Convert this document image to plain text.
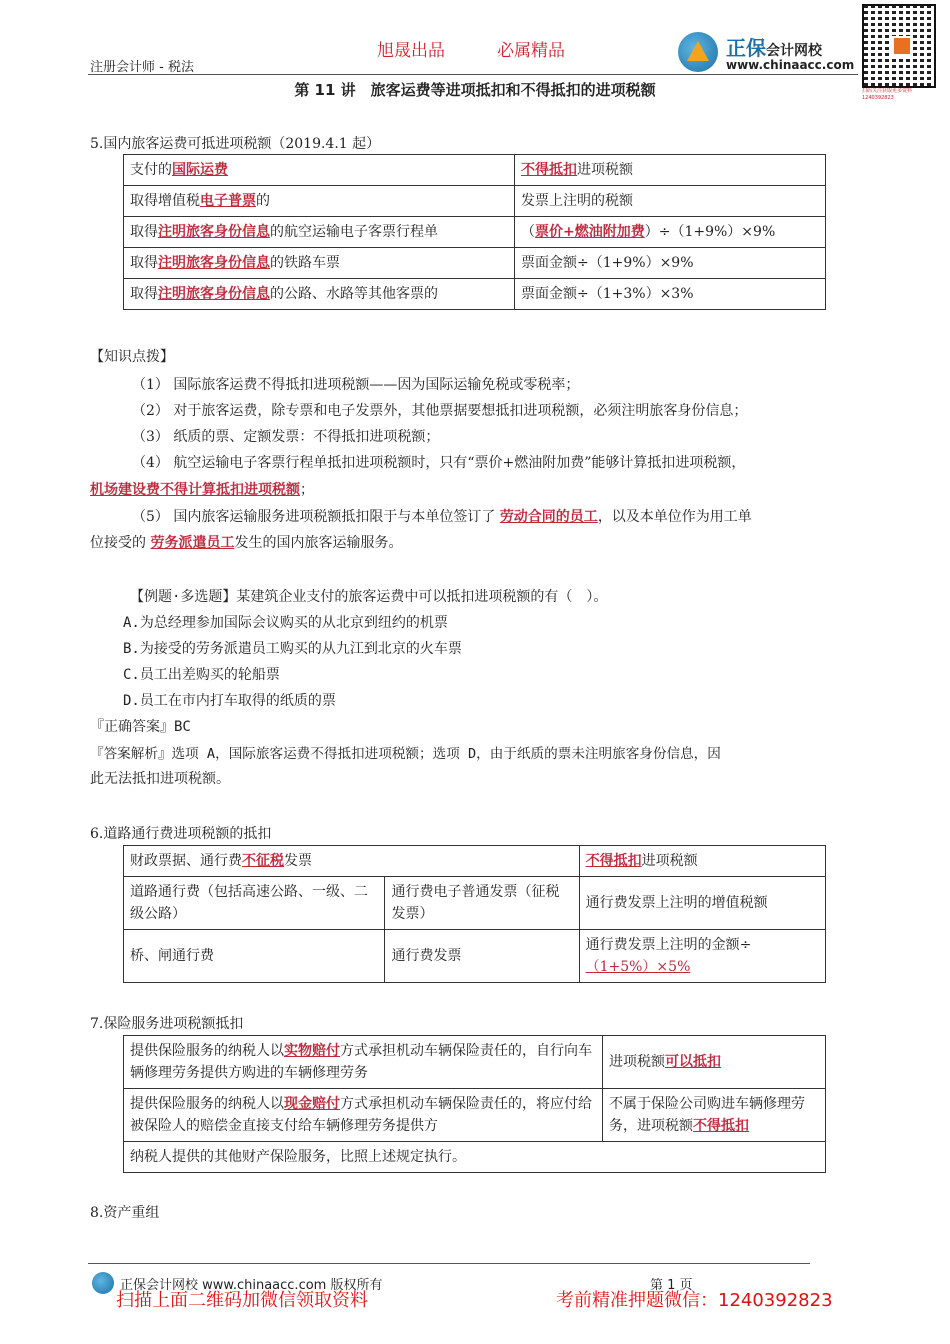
注册会计师 - 税法
旭晟出品	必属精品	正保会计网校
www.chinaacc.com
扫码关注获取更多资料 1240392823
第 11 讲　旅客运费等进项抵扣和不得抵扣的进项税额
5.国内旅客运费可抵进项税额（2019.4.1 起）
支付的国际运费	不得抵扣进项税额
取得增值税电子普票的	发票上注明的税额
取得注明旅客身份信息的航空运输电子客票行程单	（票价+燃油附加费）÷（1+9%）×9%
取得注明旅客身份信息的铁路车票	票面金额÷（1+9%）×9%
取得注明旅客身份信息的公路、水路等其他客票的	票面金额÷（1+3%）×3%
【知识点拨】
（1） 国际旅客运费不得抵扣进项税额——因为国际运输免税或零税率；
（2） 对于旅客运费，除专票和电子发票外，其他票据要想抵扣进项税额，必须注明旅客身份信息；
（3） 纸质的票、定额发票：不得抵扣进项税额；
（4） 航空运输电子客票行程单抵扣进项税额时，只有“票价+燃油附加费”能够计算抵扣进项税额，
机场建设费不得计算抵扣进项税额；
（5） 国内旅客运输服务进项税额抵扣限于与本单位签订了 劳动合同的员工，以及本单位作为用工单
位接受的 劳务派遣员工发生的国内旅客运输服务。
【例题·多选题】某建筑企业支付的旅客运费中可以抵扣进项税额的有（　）。
A.为总经理参加国际会议购买的从北京到纽约的机票
B.为接受的劳务派遣员工购买的从九江到北京的火车票
C.员工出差购买的轮船票
D.员工在市内打车取得的纸质的票
『正确答案』BC
『答案解析』选项 A，国际旅客运费不得抵扣进项税额；选项 D，由于纸质的票未注明旅客身份信息，因
此无法抵扣进项税额。
6.道路通行费进项税额的抵扣
财政票据、通行费不征税发票		不得抵扣进项税额
道路通行费（包括高速公路、一级、二级公路）	通行费电子普通发票（征税发票）	通行费发票上注明的增值税额
桥、闸通行费	通行费发票	通行费发票上注明的金额÷
（1+5%）×5%
7.保险服务进项税额抵扣
提供保险服务的纳税人以实物赔付方式承担机动车辆保险责任的，自行向车辆修理劳务提供方购进的车辆修理劳务	进项税额可以抵扣
提供保险服务的纳税人以现金赔付方式承担机动车辆保险责任的，将应付给被保险人的赔偿金直接支付给车辆修理劳务提供方	不属于保险公司购进车辆修理劳务，进项税额不得抵扣
纳税人提供的其他财产保险服务，比照上述规定执行。	
8.资产重组
正保会计网校 www.chinaacc.com 版权所有	第 1 页
扫描上面二维码加微信领取资料	考前精准押题微信：1240392823
